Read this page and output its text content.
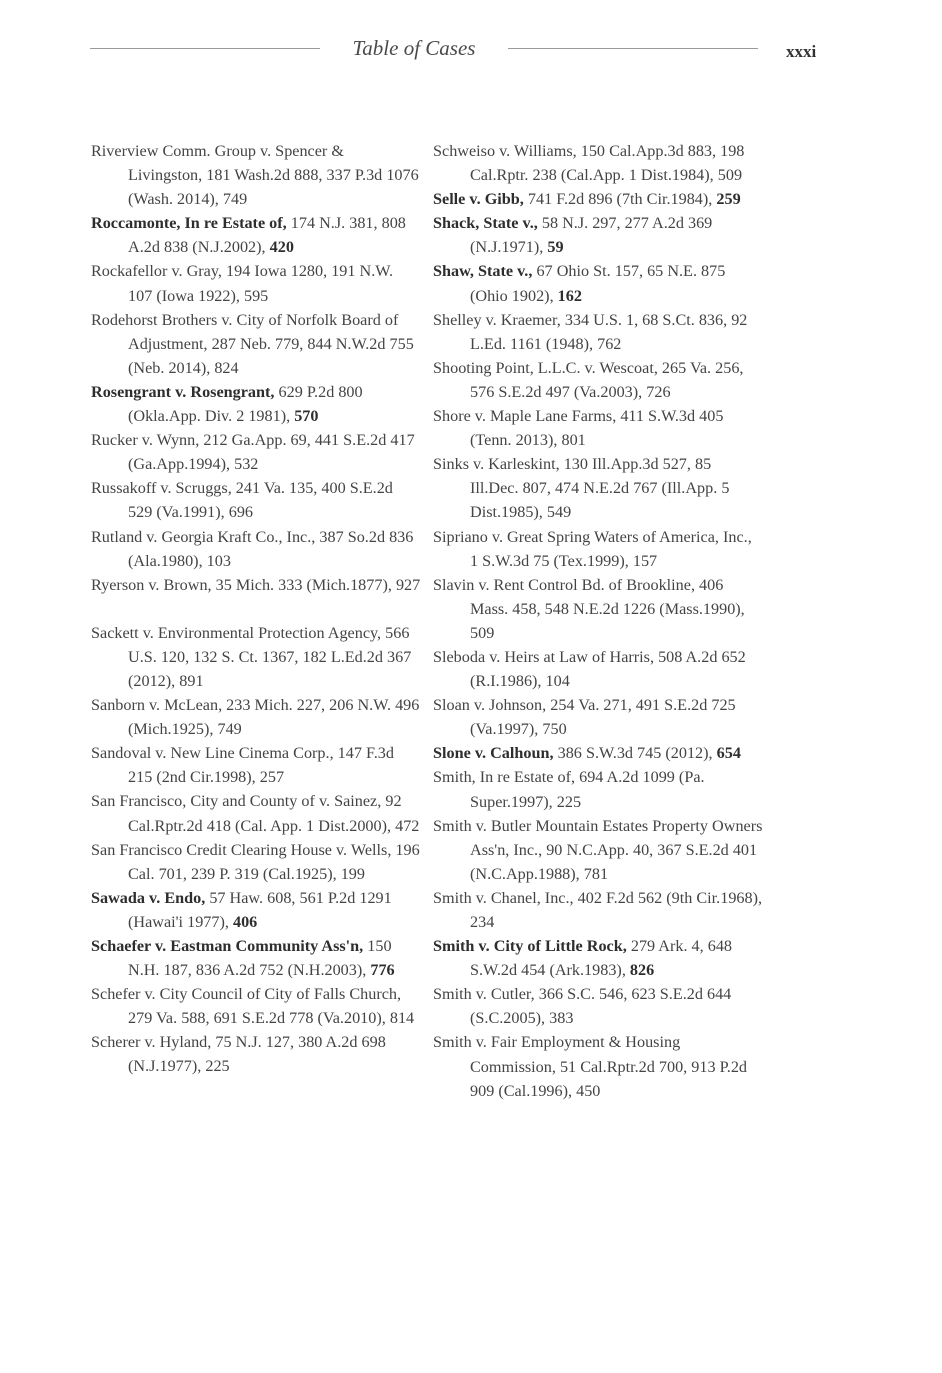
Table of Cases	xxxi
Riverview Comm. Group v. Spencer & Livingston, 181 Wash.2d 888, 337 P.3d 1076 (Wash. 2014), 749
Roccamonte, In re Estate of, 174 N.J. 381, 808 A.2d 838 (N.J.2002), 420
Rockafellor v. Gray, 194 Iowa 1280, 191 N.W. 107 (Iowa 1922), 595
Rodehorst Brothers v. City of Norfolk Board of Adjustment, 287 Neb. 779, 844 N.W.2d 755 (Neb. 2014), 824
Rosengrant v. Rosengrant, 629 P.2d 800 (Okla.App. Div. 2 1981), 570
Rucker v. Wynn, 212 Ga.App. 69, 441 S.E.2d 417 (Ga.App.1994), 532
Russakoff v. Scruggs, 241 Va. 135, 400 S.E.2d 529 (Va.1991), 696
Rutland v. Georgia Kraft Co., Inc., 387 So.2d 836 (Ala.1980), 103
Ryerson v. Brown, 35 Mich. 333 (Mich.1877), 927
Sackett v. Environmental Protection Agency, 566 U.S. 120, 132 S. Ct. 1367, 182 L.Ed.2d 367 (2012), 891
Sanborn v. McLean, 233 Mich. 227, 206 N.W. 496 (Mich.1925), 749
Sandoval v. New Line Cinema Corp., 147 F.3d 215 (2nd Cir.1998), 257
San Francisco, City and County of v. Sainez, 92 Cal.Rptr.2d 418 (Cal. App. 1 Dist.2000), 472
San Francisco Credit Clearing House v. Wells, 196 Cal. 701, 239 P. 319 (Cal.1925), 199
Sawada v. Endo, 57 Haw. 608, 561 P.2d 1291 (Hawai'i 1977), 406
Schaefer v. Eastman Community Ass'n, 150 N.H. 187, 836 A.2d 752 (N.H.2003), 776
Schefer v. City Council of City of Falls Church, 279 Va. 588, 691 S.E.2d 778 (Va.2010), 814
Scherer v. Hyland, 75 N.J. 127, 380 A.2d 698 (N.J.1977), 225
Schweiso v. Williams, 150 Cal.App.3d 883, 198 Cal.Rptr. 238 (Cal.App. 1 Dist.1984), 509
Selle v. Gibb, 741 F.2d 896 (7th Cir.1984), 259
Shack, State v., 58 N.J. 297, 277 A.2d 369 (N.J.1971), 59
Shaw, State v., 67 Ohio St. 157, 65 N.E. 875 (Ohio 1902), 162
Shelley v. Kraemer, 334 U.S. 1, 68 S.Ct. 836, 92 L.Ed. 1161 (1948), 762
Shooting Point, L.L.C. v. Wescoat, 265 Va. 256, 576 S.E.2d 497 (Va.2003), 726
Shore v. Maple Lane Farms, 411 S.W.3d 405 (Tenn. 2013), 801
Sinks v. Karleskint, 130 Ill.App.3d 527, 85 Ill.Dec. 807, 474 N.E.2d 767 (Ill.App. 5 Dist.1985), 549
Sipriano v. Great Spring Waters of America, Inc., 1 S.W.3d 75 (Tex.1999), 157
Slavin v. Rent Control Bd. of Brookline, 406 Mass. 458, 548 N.E.2d 1226 (Mass.1990), 509
Sleboda v. Heirs at Law of Harris, 508 A.2d 652 (R.I.1986), 104
Sloan v. Johnson, 254 Va. 271, 491 S.E.2d 725 (Va.1997), 750
Slone v. Calhoun, 386 S.W.3d 745 (2012), 654
Smith, In re Estate of, 694 A.2d 1099 (Pa. Super.1997), 225
Smith v. Butler Mountain Estates Property Owners Ass'n, Inc., 90 N.C.App. 40, 367 S.E.2d 401 (N.C.App.1988), 781
Smith v. Chanel, Inc., 402 F.2d 562 (9th Cir.1968), 234
Smith v. City of Little Rock, 279 Ark. 4, 648 S.W.2d 454 (Ark.1983), 826
Smith v. Cutler, 366 S.C. 546, 623 S.E.2d 644 (S.C.2005), 383
Smith v. Fair Employment & Housing Commission, 51 Cal.Rptr.2d 700, 913 P.2d 909 (Cal.1996), 450
